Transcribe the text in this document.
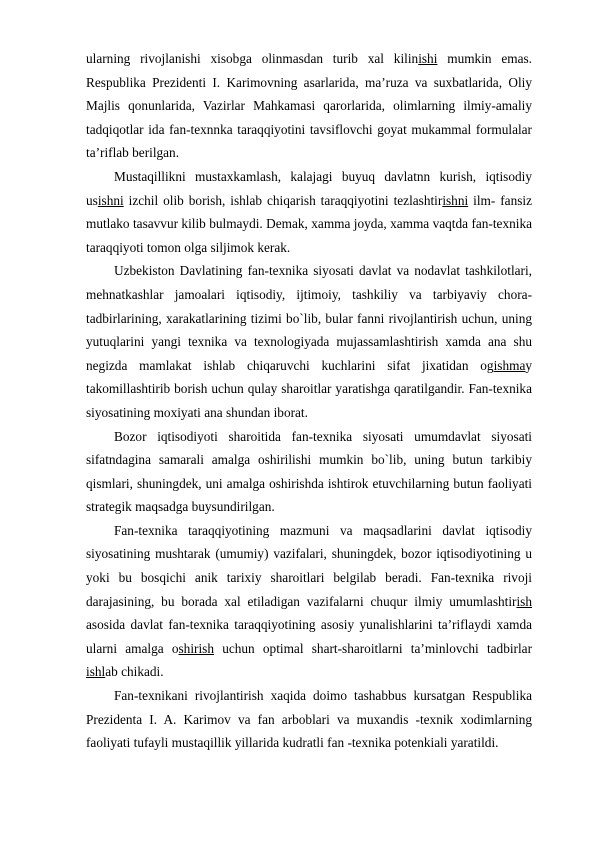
ularning rivojlanishi xisobga olinmasdan turib xal kilinishi mumkin emas. Respublika Prezidenti I. Karimovning asarlarida, ma’ruza va suxbatlarida, Oliy Majlis qonunlarida, Vazirlar Mahkamasi qarorlarida, olimlarning ilmiy-amaliy tadqiqotlar ida fan-texnnka taraqqiyotini tavsiflovchi goyat mukammal formulalar ta’riflab berilgan.

Mustaqillikni mustaxkamlash, kalajagi buyuq davlatnn kurish, iqtisodiy usishni izchil olib borish, ishlab chiqarish taraqqiyotini tezlashtirishni ilm- fansiz mutlako tasavvur kilib bulmaydi. Demak, xamma joyda, xamma vaqtda fan-texnika taraqqiyoti tomon olga siljimok kerak.

Uzbekiston Davlatining fan-texnika siyosati davlat va nodavlat tashkilotlari, mehnatkashlar jamoalari iqtisodiy, ijtimoiy, tashkiliy va tarbiyaviy chora-tadbirlarining, xarakatlarining tizimi bo`lib, bular fanni rivojlantirish uchun, uning yutuqlarini yangi texnika va texnologiyada mujassamlashtirish xamda ana shu negizda mamlakat ishlab chiqaruvchi kuchlarini sifat jixatidan ogishmay takomillashtirib borish uchun qulay sharoitlar yaratishga qaratilgandir. Fan-texnika siyosatining moxiyati ana shundan iborat.

Bozor iqtisodiyoti sharoitida fan-texnika siyosati umumdavlat siyosati sifatndagina samarali amalga oshirilishi mumkin bo`lib, uning butun tarkibiy qismlari, shuningdek, uni amalga oshirishda ishtirok etuvchilarning butun faoliyati strategik maqsadga buysundirilgan.

Fan-texnika taraqqiyotining mazmuni va maqsadlarini davlat iqtisodiy siyosatining mushtarak (umumiy) vazifalari, shuningdek, bozor iqtisodiyotining u yoki bu bosqichi anik tarixiy sharoitlari belgilab beradi. Fan-texnika rivoji darajasining, bu borada xal etiladigan vazifalarni chuqur ilmiy umumlashtirish asosida davlat fan-texnika taraqqiyotining asosiy yunalishlarini ta’riflaydi xamda ularni amalga oshirish uchun optimal shart-sharoitlarni ta’minlovchi tadbirlar ishlab chikadi.

Fan-texnikani rivojlantirish xaqida doimo tashabbus kursatgan Respublika Prezidenta I. A. Karimov va fan arboblari va muxandis -texnik xodimlarning faoliyati tufayli mustaqillik yillarida kudratli fan -texnika potenkiali yaratildi.
